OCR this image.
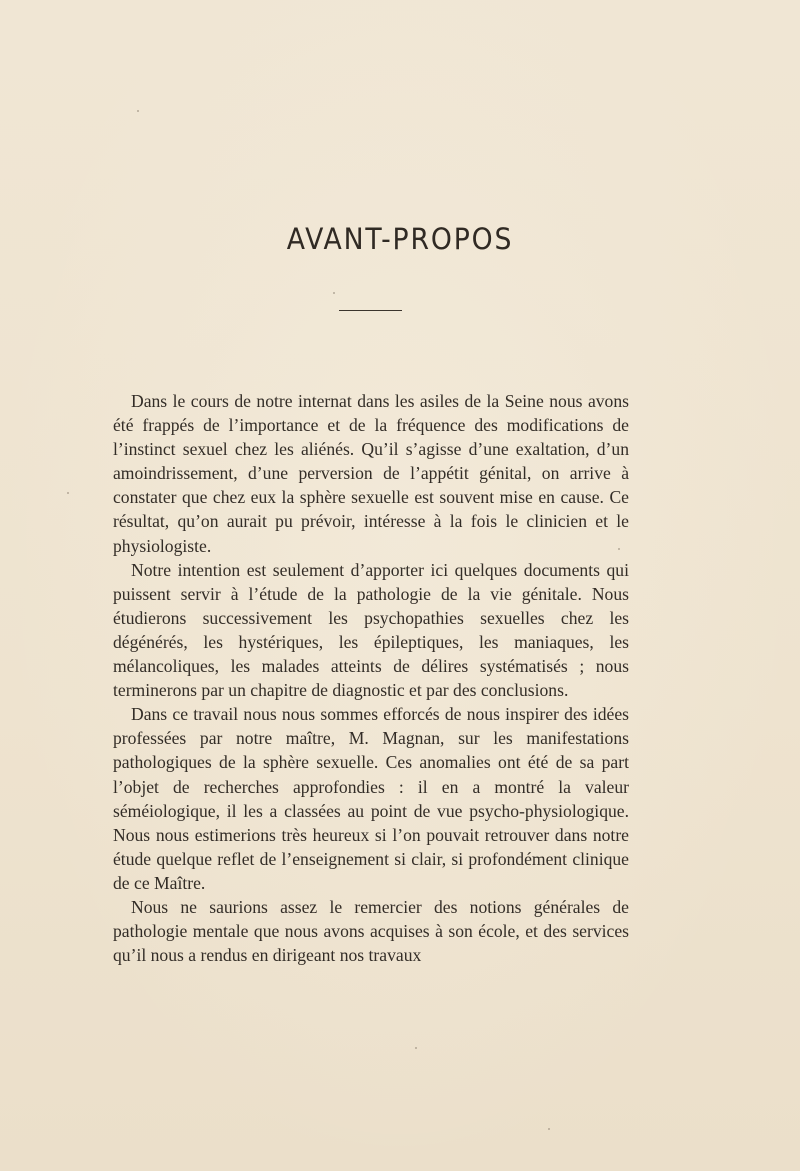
AVANT-PROPOS

Dans le cours de notre internat dans les asiles de la Seine nous avons été frappés de l’importance et de la fréquence des modifications de l’instinct sexuel chez les aliénés. Qu’il s’agisse d’une exaltation, d’un amoindrissement, d’une perversion de l’appétit génital, on arrive à constater que chez eux la sphère sexuelle est souvent mise en cause. Ce résultat, qu’on aurait pu prévoir, intéresse à la fois le clinicien et le physiologiste.

Notre intention est seulement d’apporter ici quelques documents qui puissent servir à l’étude de la pathologie de la vie génitale. Nous étudierons successivement les psychopathies sexuelles chez les dégénérés, les hystériques, les épileptiques, les maniaques, les mélancoliques, les malades atteints de délires systématisés ; nous terminerons par un chapitre de diagnostic et par des conclusions.

Dans ce travail nous nous sommes efforcés de nous inspirer des idées professées par notre maître, M. Magnan, sur les manifestations pathologiques de la sphère sexuelle. Ces anomalies ont été de sa part l’objet de recherches approfondies : il en a montré la valeur séméiologique, il les a classées au point de vue psycho-physiologique. Nous nous estimerions très heureux si l’on pouvait retrouver dans notre étude quelque reflet de l’enseignement si clair, si profondément clinique de ce Maître.

Nous ne saurions assez le remercier des notions générales de pathologie mentale que nous avons acquises à son école, et des services qu’il nous a rendus en dirigeant nos travaux
